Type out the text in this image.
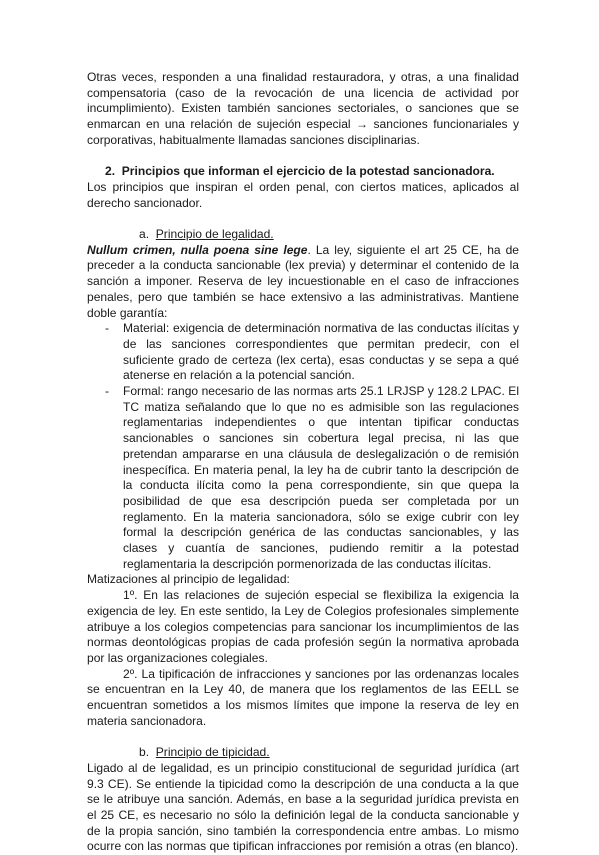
Otras veces, responden a una finalidad restauradora, y otras, a una finalidad compensatoria (caso de la revocación de una licencia de actividad por incumplimiento). Existen también sanciones sectoriales, o sanciones que se enmarcan en una relación de sujeción especial → sanciones funcionariales y corporativas, habitualmente llamadas sanciones disciplinarias.

2. Principios que informan el ejercicio de la potestad sancionadora.

Los principios que inspiran el orden penal, con ciertos matices, aplicados al derecho sancionador.

a. Principio de legalidad.

Nullum crimen, nulla poena sine lege. La ley, siguiente el art 25 CE, ha de preceder a la conducta sancionable (lex previa) y determinar el contenido de la sanción a imponer. Reserva de ley incuestionable en el caso de infracciones penales, pero que también se hace extensivo a las administrativas. Mantiene doble garantía:

-	Material: exigencia de determinación normativa de las conductas ilícitas y de las sanciones correspondientes que permitan predecir, con el suficiente grado de certeza (lex certa), esas conductas y se sepa a qué atenerse en relación a la potencial sanción.
-	Formal: rango necesario de las normas arts 25.1 LRJSP y 128.2 LPAC. El TC matiza señalando que lo que no es admisible son las regulaciones reglamentarias independientes o que intentan tipificar conductas sancionables o sanciones sin cobertura legal precisa, ni las que pretendan ampararse en una cláusula de deslegalización o de remisión inespecífica. En materia penal, la ley ha de cubrir tanto la descripción de la conducta ilícita como la pena correspondiente, sin que quepa la posibilidad de que esa descripción pueda ser completada por un reglamento. En la materia sancionadora, sólo se exige cubrir con ley formal la descripción genérica de las conductas sancionables, y las clases y cuantía de sanciones, pudiendo remitir a la potestad reglamentaria la descripción pormenorizada de las conductas ilícitas.

Matizaciones al principio de legalidad:

1º. En las relaciones de sujeción especial se flexibiliza la exigencia la exigencia de ley. En este sentido, la Ley de Colegios profesionales simplemente atribuye a los colegios competencias para sancionar los incumplimientos de las normas deontológicas propias de cada profesión según la normativa aprobada por las organizaciones colegiales.

2º. La tipificación de infracciones y sanciones por las ordenanzas locales se encuentran en la Ley 40, de manera que los reglamentos de las EELL se encuentran sometidos a los mismos límites que impone la reserva de ley en materia sancionadora.

b. Principio de tipicidad.

Ligado al de legalidad, es un principio constitucional de seguridad jurídica (art 9.3 CE). Se entiende la tipicidad como la descripción de una conducta a la que se le atribuye una sanción. Además, en base a la seguridad jurídica prevista en el 25 CE, es necesario no sólo la definición legal de la conducta sancionable y de la propia sanción, sino también la correspondencia entre ambas. Lo mismo ocurre con las normas que tipifican infracciones por remisión a otras (en blanco).
